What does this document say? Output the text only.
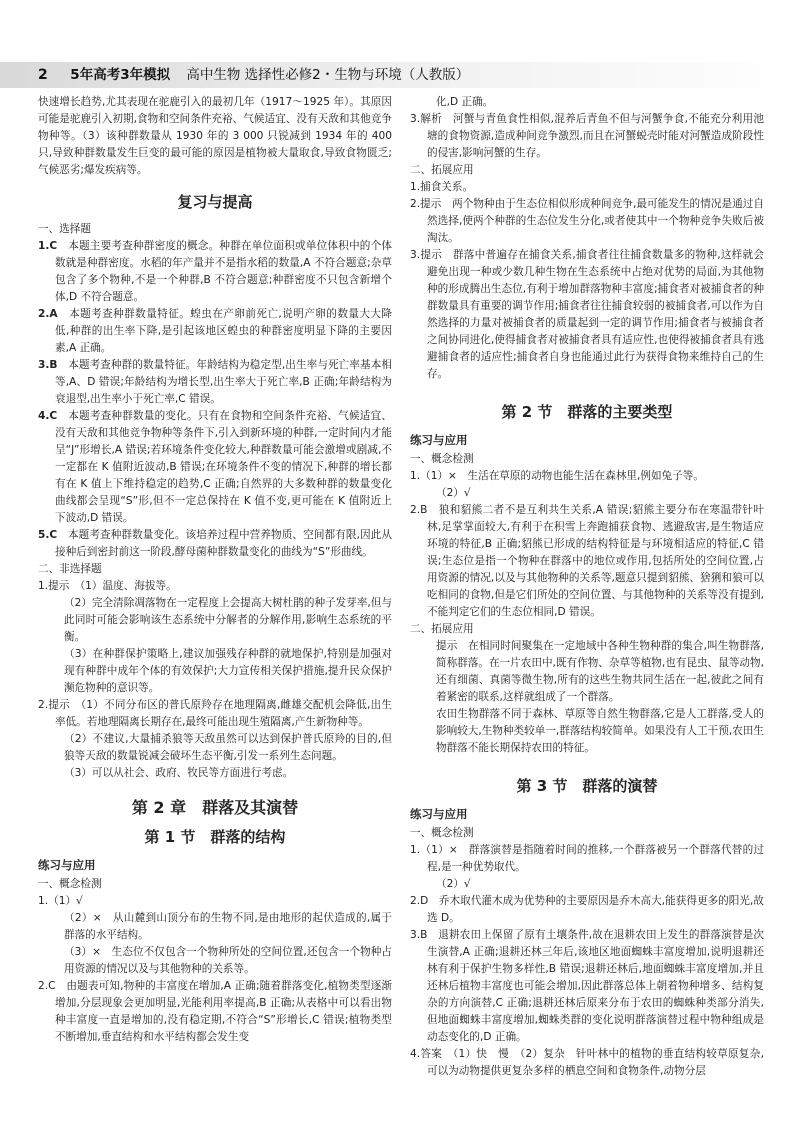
2 5年高考3年模拟 高中生物 选择性必修2・生物与环境（人教版）

快速增长趋势,尤其表现在驼鹿引入的最初几年（1917～1925 年）。其原因可能是驼鹿引入初期,食物和空间条件充裕、气候适宜、没有天敌和其他竞争物种等。（3）该种群数量从 1930 年的 3 000 只锐减到 1934 年的 400 只,导致种群数量发生巨变的最可能的原因是植物被大量取食,导致食物匮乏;气候恶劣;爆发疾病等。

复习与提高
一、选择题

1.C　 本题主要考查种群密度的概念。种群在单位面积或单位体积中的个体数就是种群密度。水稻的年产量并不是指水稻的数量,A 不符合题意;杂草包含了多个物种,不是一个种群,B 不符合题意;种群密度不只包含新增个体,D 不符合题意。

2.A　 本题考查种群数量特征。蝗虫在产卵前死亡,说明产卵的数量大大降低,种群的出生率下降,是引起该地区蝗虫的种群密度明显下降的主要因素,A 正确。

3.B　 本题考查种群的数量特征。年龄结构为稳定型,出生率与死亡率基本相等,A、D 错误;年龄结构为增长型,出生率大于死亡率,B 正确;年龄结构为衰退型,出生率小于死亡率,C 错误。

4.C　 本题考查种群数量的变化。只有在食物和空间条件充裕、气候适宜、没有天敌和其他竞争物种等条件下,引入到新环境的种群,一定时间内才能呈“J”形增长,A 错误;若环境条件变化较大,种群数量可能会激增或剧减,不一定都在 K 值附近波动,B 错误;在环境条件不变的情况下,种群的增长都有在 K 值上下维持稳定的趋势,C 正确;自然界的大多数种群的数量变化曲线都会呈现“S”形,但不一定总保持在 K 值不变,更可能在 K 值附近上下波动,D 错误。

5.C　 本题考查种群数量变化。该培养过程中营养物质、空间都有限,因此从接种后到密封前这一阶段,酵母菌种群数量变化的曲线为“S”形曲线。

二、非选择题

1.提示　（1）温度、海拔等。

（2）完全清除凋落物在一定程度上会提高大树杜鹃的种子发芽率,但与此同时可能会影响该生态系统中分解者的分解作用,影响生态系统的平衡。

（3）在种群保护策略上,建议加强残存种群的就地保护,特别是加强对现有种群中成年个体的有效保护;大力宣传相关保护措施,提升民众保护濒危物种的意识等。

2.提示　（1）不同分布区的普氏原羚存在地理隔离,雌雄交配机会降低,出生率低。若地理隔离长期存在,最终可能出现生殖隔离,产生新物种等。

（2）不建议,大量捕杀狼等天敌虽然可以达到保护普氏原羚的目的,但狼等天敌的数量锐减会破坏生态平衡,引发一系列生态问题。

（3）可以从社会、政府、牧民等方面进行考虑。

第 2 章　群落及其演替
第 1 节　群落的结构
练习与应用
一、概念检测

1.（1）√

（2）×　从山麓到山顶分布的生物不同,是由地形的起伏造成的,属于群落的水平结构。

（3）×　生态位不仅包含一个物种所处的空间位置,还包含一个物种占用资源的情况以及与其他物种的关系等。

2.C　由题表可知,物种的丰富度在增加,A 正确;随着群落变化,植物类型逐渐增加,分层现象会更加明显,光能利用率提高,B 正确;从表格中可以看出物种丰富度一直是增加的,没有稳定期,不符合“S”形增长,C 错误;植物类型不断增加,垂直结构和水平结构都会发生变

化,D 正确。

3.解析　河蟹与青鱼食性相似,混养后青鱼不但与河蟹争食,不能充分利用池塘的食物资源,造成种间竞争激烈,而且在河蟹蜕壳时能对河蟹造成阶段性的侵害,影响河蟹的生存。

二、拓展应用

1.捕食关系。

2.提示　两个物种由于生态位相似形成种间竞争,最可能发生的情况是通过自然选择,使两个种群的生态位发生分化,或者使其中一个物种竞争失败后被淘汰。

3.提示　群落中普遍存在捕食关系,捕食者往往捕食数量多的物种,这样就会避免出现一种或少数几种生物在生态系统中占绝对优势的局面,为其他物种的形成腾出生态位,有利于增加群落物种丰富度;捕食者对被捕食者的种群数量具有重要的调节作用;捕食者往往捕食较弱的被捕食者,可以作为自然选择的力量对被捕食者的质量起到一定的调节作用;捕食者与被捕食者之间协同进化,使得捕食者对被捕食者具有适应性,也使得被捕食者具有逃避捕食者的适应性;捕食者自身也能通过此行为获得食物来维持自己的生存。

第 2 节　群落的主要类型
练习与应用
一、概念检测

1.（1）×　生活在草原的动物也能生活在森林里,例如兔子等。

（2）√

2.B　狼和貂熊二者不是互利共生关系,A 错误;貂熊主要分布在寒温带针叶林,足掌掌面较大,有利于在积雪上奔跑捕获食物、逃避敌害,是生物适应环境的特征,B 正确;貂熊已形成的结构特征是与环境相适应的特征,C 错误;生态位是指一个物种在群落中的地位或作用,包括所处的空间位置,占用资源的情况,以及与其他物种的关系等,题意只提到貂熊、猞猁和狼可以吃相同的食物,但是它们所处的空间位置、与其他物种的关系等没有提到,不能判定它们的生态位相同,D 错误。

二、拓展应用

提示　在相同时间聚集在一定地域中各种生物种群的集合,叫生物群落,简称群落。在一片农田中,既有作物、杂草等植物,也有昆虫、鼠等动物,还有细菌、真菌等微生物,所有的这些生物共同生活在一起,彼此之间有着紧密的联系,这样就组成了一个群落。

农田生物群落不同于森林、草原等自然生物群落,它是人工群落,受人的影响较大,生物种类较单一,群落结构较简单。如果没有人工干预,农田生物群落不能长期保持农田的特征。

第 3 节　群落的演替
练习与应用
一、概念检测

1.（1）×　群落演替是指随着时间的推移,一个群落被另一个群落代替的过程,是一种优势取代。

（2）√

2.D　乔木取代灌木成为优势种的主要原因是乔木高大,能获得更多的阳光,故选 D。

3.B　退耕农田上保留了原有土壤条件,故在退耕农田上发生的群落演替是次生演替,A 正确;退耕还林三年后,该地区地面蜘蛛丰富度增加,说明退耕还林有利于保护生物多样性,B 错误;退耕还林后,地面蜘蛛丰富度增加,并且还林后植物丰富度也可能会增加,因此群落总体上朝着物种增多、结构复杂的方向演替,C 正确;退耕还林后原来分布于农田的蜘蛛种类部分消失,但地面蜘蛛丰富度增加,蜘蛛类群的变化说明群落演替过程中物种组成是动态变化的,D 正确。

4.答案　（1）快　慢　（2）复杂　针叶林中的植物的垂直结构较草原复杂,可以为动物提供更复杂多样的栖息空间和食物条件,动物分层
